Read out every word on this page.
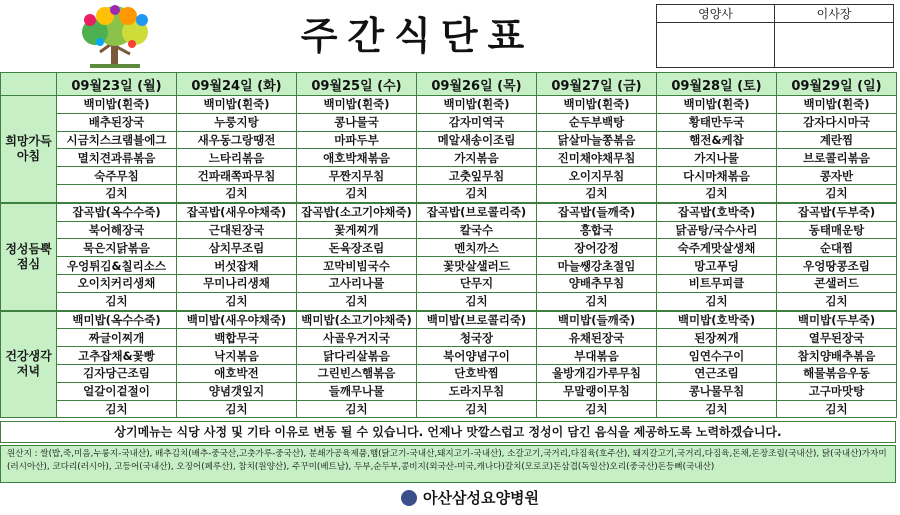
주간식단표	영양사	이사장
	09월23일 (월)	09월24일 (화)	09월25일 (수)	09월26일 (목)	09월27일 (금)	09월28일 (토)	09월29일 (일)
희망가득
아침	백미밥(흰죽)	백미밥(흰죽)	백미밥(흰죽)	백미밥(흰죽)	백미밥(흰죽)	백미밥(흰죽)	백미밥(흰죽)
	배추된장국	누룽지탕	콩나물국	감자미역국	순두부백탕	황태만두국	감자다시마국
	시금치스크램블에그	새우동그랑땡전	마파두부	메알새송이조림	닭살마늘쫑볶음	햄전&케찹	계란찜
	멸치견과류볶음	느타리볶음	애호박채볶음	가지볶음	진미채야채무침	가지나물	브로콜리볶음
	숙주무침	건파래쪽파무침	무짠지무침	고춧잎무침	오이지무침	다시마채볶음	콩자반
	김치	김치	김치	김치	김치	김치	김치
정성듬뿍
점심	잡곡밥(옥수수죽)	잡곡밥(새우야채죽)	잡곡밥(소고기야채죽)	잡곡밥(브로콜리죽)	잡곡밥(들깨죽)	잡곡밥(호박죽)	잡곡밥(두부죽)
	북어해장국	근대된장국	꽃게찌개	칼국수	흥합국	닭곰탕/국수사리	동태매운탕
	묵은지닭볶음	삼치무조림	돈육장조림	멘치까스	장어강정	숙주게맛살생채	순대찜
	우엉튀김&칠리소스	버섯잡채	꼬막비빔국수	꽃맛살샐러드	마늘쌩강초절임	망고푸딩	우엉땅콩조림
	오이치커리생채	무미나리생채	고사리나물	단무지	양배추무침	비트무피클	콘샐러드
	김치	김치	김치	김치	김치	김치	김치
건강생각
저녁	백미밥(옥수수죽)	백미밥(새우야채죽)	백미밥(소고기야채죽)	백미밥(브로콜리죽)	백미밥(들깨죽)	백미밥(호박죽)	백미밥(두부죽)
	짜글이찌개	백합무국	사골우거지국	청국장	유채된장국	된장찌개	열무된장국
	고추잡채&꽃빵	낙지볶음	닭다리살볶음	북어양념구이	부대볶음	임연수구이	참치양배추볶음
	김자당근조림	애호박전	그린빈스햄볶음	단호박찜	울방개김가루무침	연근조림	해물볶음우동
	얼갈이겉절이	양념갯잎지	들깨무나물	도라지무침	무말랭이무침	콩나물무침	고구마맛탕
	김치	김치	김치	김치	김치	김치	김치
상기메뉴는 식당 사정 및 기타 이유로 변동 될 수 있습니다. 언제나 맛깔스럽고 정성이 담긴 음식을 제공하도록 노력하겠습니다.
원산지 : 쌀(밥,죽,미음,누룽지-국내산), 배추김치(배추-중국산,고춧가루-중국산), 분쇄가공육제품,햄(닭고기-국내산,돼지고기-국내산), 소갈고기,국거리,다짐육(호주산), 돼지갈고기,국거리,다짐육,돈채,돈장조림(국내산), 닭(국내산)가자미(러시아산), 코다리(러시아), 고등어(국내산), 오징어(페루산), 참치(원양산), 주꾸미(베트남), 두부,순두부,콩비지(외국산-미국,캐나다)갈치(모로코)돈삼겹(독일산)오리(중국산)돈등뼈(국내산)
아산삼성요양병원
